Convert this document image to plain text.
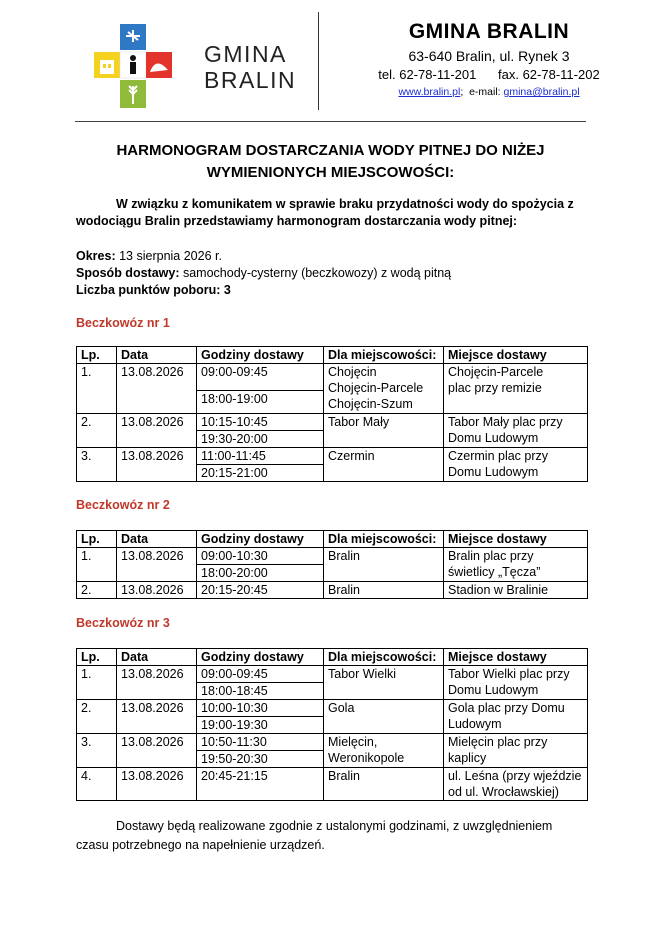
GMINA
BRALIN
GMINA BRALIN
63-640 Bralin, ul. Rynek 3
tel. 62-78-11-201 fax. 62-78-11-202
www.bralin.pl;  e-mail: gmina@bralin.pl
HARMONOGRAM DOSTARCZANIA WODY PITNEJ DO NIŻEJ
WYMIENIONYCH MIEJSCOWOŚCI:
W związku z komunikatem w sprawie braku przydatności wody do spożycia z wodociągu Bralin przedstawiamy harmonogram dostarczania wody pitnej:
Okres: 13 sierpnia 2026 r.
Sposób dostawy: samochody-cysterny (beczkowozy) z wodą pitną
Liczba punktów poboru: 3
Beczkowóz nr 1
Lp.	Data	Godziny dostawy	Dla miejscowości:	Miejsce dostawy
1.	13.08.2026	09:00-09:45	Chojęcin
Chojęcin-Parcele
Chojęcin-Szum	Chojęcin-Parcele
plac przy remizie
		18:00-19:00		
2.	13.08.2026	10:15-10:45	Tabor Mały	Tabor Mały plac przy Domu Ludowym
		19:30-20:00		
3.	13.08.2026	11:00-11:45	Czermin	Czermin plac przy Domu Ludowym
		20:15-21:00		
Beczkowóz nr 2
Lp.	Data	Godziny dostawy	Dla miejscowości:	Miejsce dostawy
1.	13.08.2026	09:00-10:30	Bralin	Bralin plac przy świetlicy „Tęcza”
		18:00-20:00		
2.	13.08.2026	20:15-20:45	Bralin	Stadion w Bralinie
Beczkowóz nr 3
Lp.	Data	Godziny dostawy	Dla miejscowości:	Miejsce dostawy
1.	13.08.2026	09:00-09:45	Tabor Wielki	Tabor Wielki plac przy Domu Ludowym
		18:00-18:45		
2.	13.08.2026	10:00-10:30	Gola	Gola plac przy Domu Ludowym
		19:00-19:30		
3.	13.08.2026	10:50-11:30	Mielęcin,
Weronikopole	Mielęcin plac przy kaplicy
		19:50-20:30		
4.	13.08.2026	20:45-21:15	Bralin	ul. Leśna (przy wjeździe od ul. Wrocławskiej)
Dostawy będą realizowane zgodnie z ustalonymi godzinami, z uwzględnieniem czasu potrzebnego na napełnienie urządzeń.
